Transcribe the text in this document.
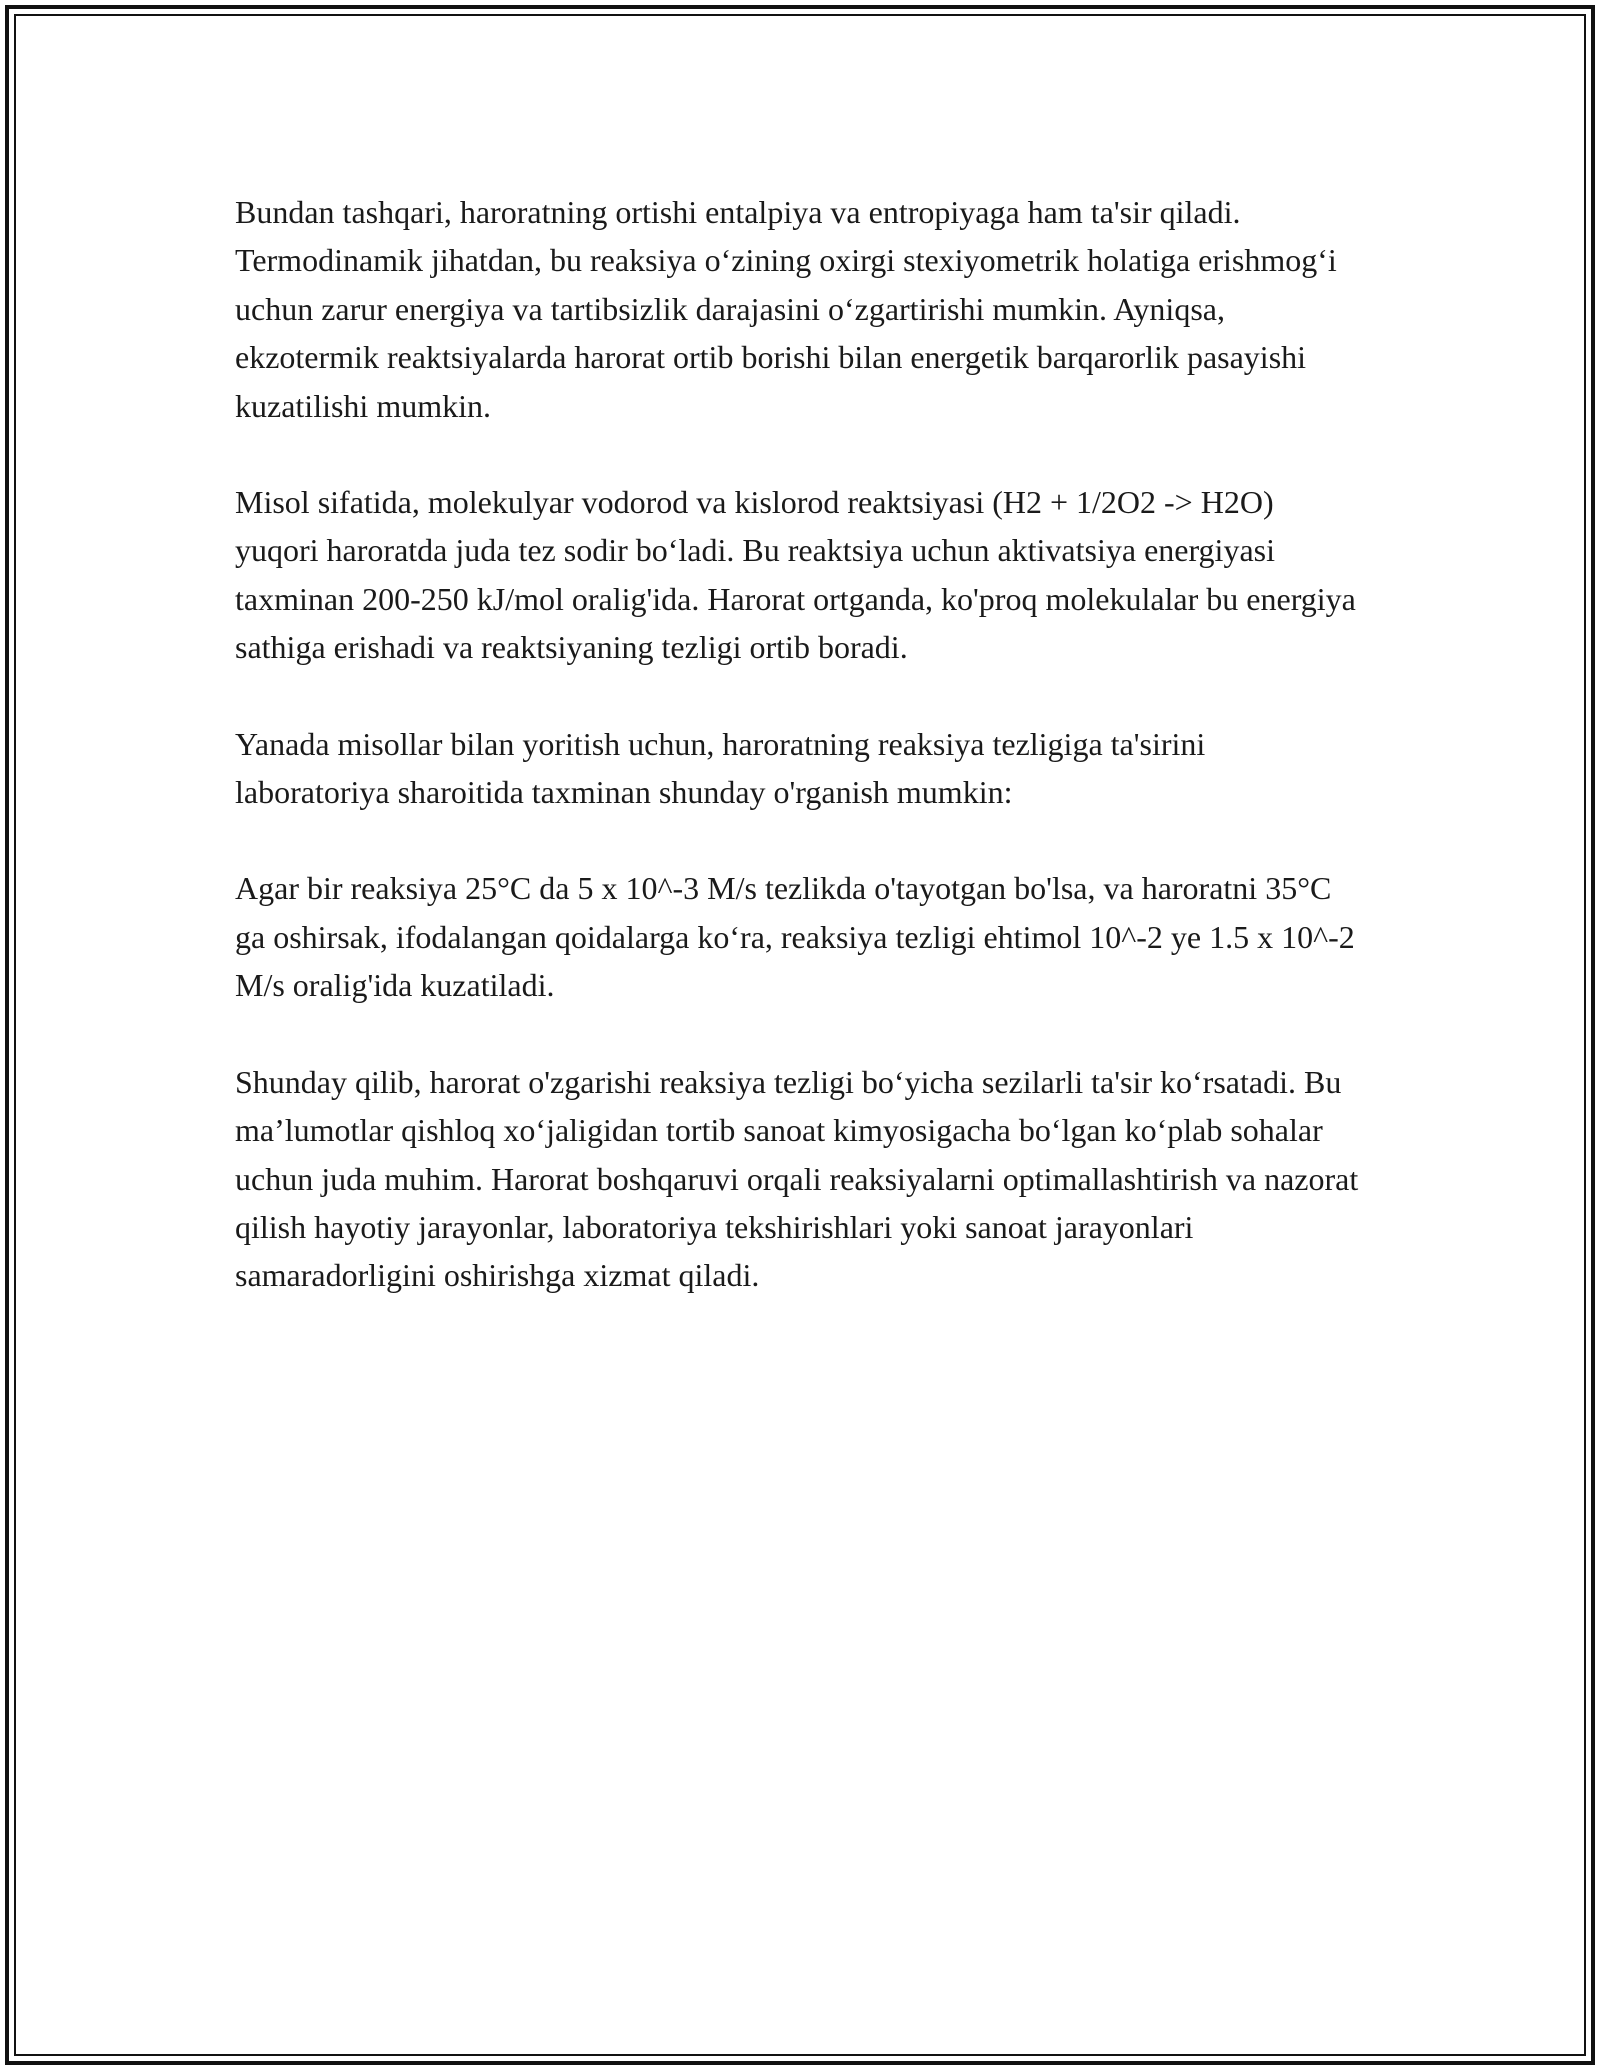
Bundan tashqari, haroratning ortishi entalpiya va entropiyaga ham ta'sir qiladi. Termodinamik jihatdan, bu reaksiya o‘zining oxirgi stexiyometrik holatiga erishmog‘i uchun zarur energiya va tartibsizlik darajasini o‘zgartirishi mumkin. Ayniqsa, ekzotermik reaktsiyalarda harorat ortib borishi bilan energetik barqarorlik pasayishi kuzatilishi mumkin.

Misol sifatida, molekulyar vodorod va kislorod reaktsiyasi (H2 + 1/2O2 -> H2O) yuqori haroratda juda tez sodir bo‘ladi. Bu reaktsiya uchun aktivatsiya energiyasi taxminan 200-250 kJ/mol oralig'ida. Harorat ortganda, ko'proq molekulalar bu energiya sathiga erishadi va reaktsiyaning tezligi ortib boradi.

Yanada misollar bilan yoritish uchun, haroratning reaksiya tezligiga ta'sirini laboratoriya sharoitida taxminan shunday o'rganish mumkin:

Agar bir reaksiya 25°C da 5 x 10^-3 M/s tezlikda o'tayotgan bo'lsa, va haroratni 35°C ga oshirsak, ifodalangan qoidalarga ko‘ra, reaksiya tezligi ehtimol 10^-2 ye 1.5 x 10^-2 M/s oralig'ida kuzatiladi.

Shunday qilib, harorat o'zgarishi reaksiya tezligi bo‘yicha sezilarli ta'sir ko‘rsatadi. Bu ma’lumotlar qishloq xo‘jaligidan tortib sanoat kimyosigacha bo‘lgan ko‘plab sohalar uchun juda muhim. Harorat boshqaruvi orqali reaksiyalarni optimallashtirish va nazorat qilish hayotiy jarayonlar, laboratoriya tekshirishlari yoki sanoat jarayonlari samaradorligini oshirishga xizmat qiladi.
